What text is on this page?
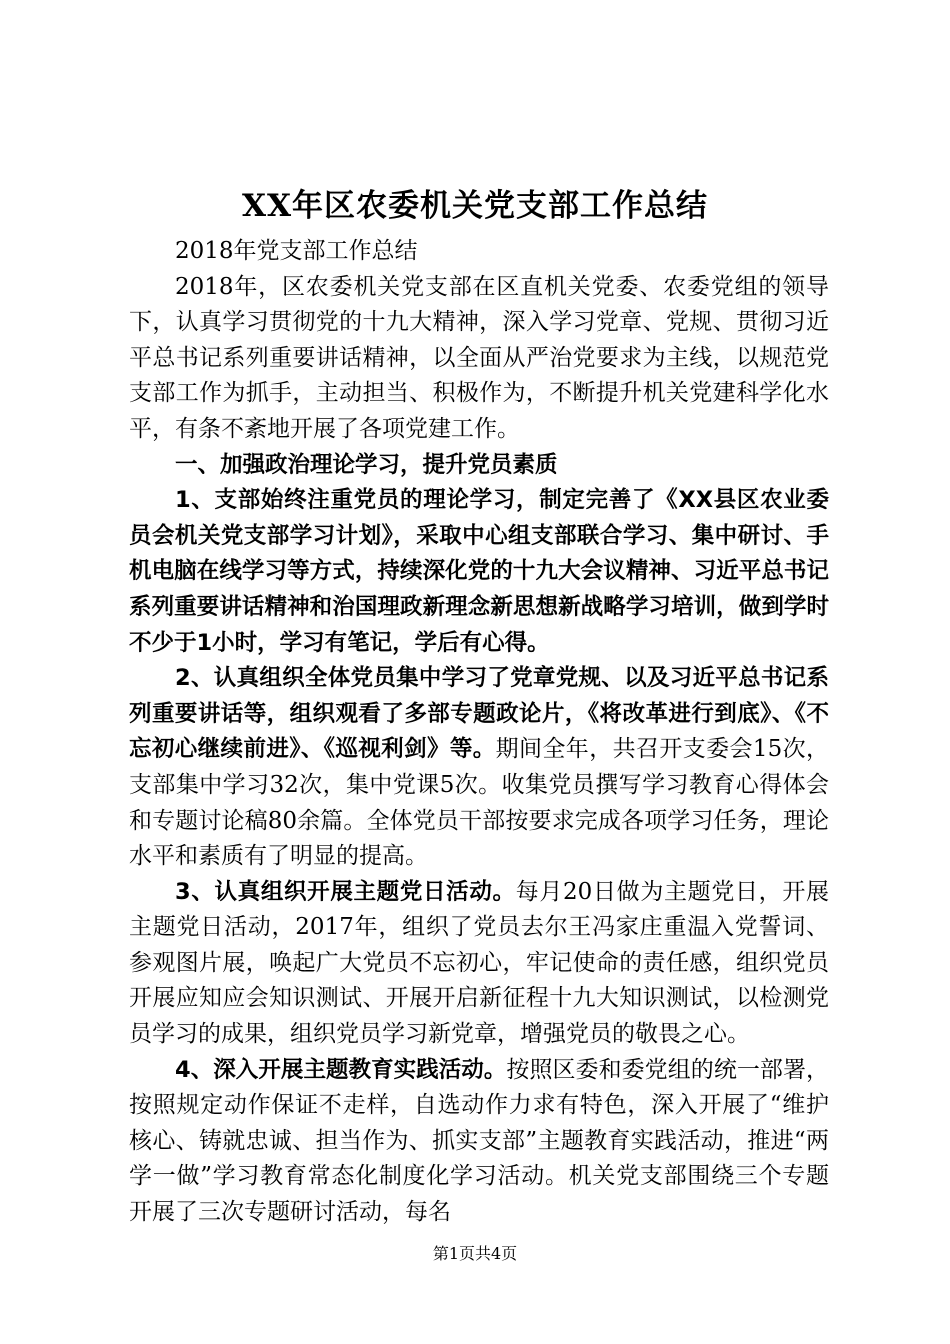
XX年区农委机关党支部工作总结

2018年党支部工作总结

2018年，区农委机关党支部在区直机关党委、农委党组的领导下，认真学习贯彻党的十九大精神，深入学习党章、党规、贯彻习近平总书记系列重要讲话精神，以全面从严治党要求为主线，以规范党支部工作为抓手，主动担当、积极作为，不断提升机关党建科学化水平，有条不紊地开展了各项党建工作。

一、加强政治理论学习，提升党员素质

1、支部始终注重党员的理论学习，制定完善了《XX县区农业委员会机关党支部学习计划》，采取中心组支部联合学习、集中研讨、手机电脑在线学习等方式，持续深化党的十九大会议精神、习近平总书记系列重要讲话精神和治国理政新理念新思想新战略学习培训，做到学时不少于1小时，学习有笔记，学后有心得。

2、认真组织全体党员集中学习了党章党规、以及习近平总书记系列重要讲话等，组织观看了多部专题政论片，《将改革进行到底》、《不忘初心继续前进》、《巡视利剑》等。期间全年，共召开支委会15次，支部集中学习32次，集中党课5次。收集党员撰写学习教育心得体会和专题讨论稿80余篇。全体党员干部按要求完成各项学习任务，理论水平和素质有了明显的提高。

3、认真组织开展主题党日活动。每月20日做为主题党日，开展主题党日活动，2017年，组织了党员去尔王冯家庄重温入党誓词、参观图片展，唤起广大党员不忘初心，牢记使命的责任感，组织党员开展应知应会知识测试、开展开启新征程十九大知识测试，以检测党员学习的成果，组织党员学习新党章，增强党员的敬畏之心。

4、深入开展主题教育实践活动。按照区委和委党组的统一部署，按照规定动作保证不走样，自选动作力求有特色，深入开展了“维护核心、铸就忠诚、担当作为、抓实支部”主题教育实践活动，推进“两学一做”学习教育常态化制度化学习活动。机关党支部围绕三个专题开展了三次专题研讨活动，每名

第1页共4页
